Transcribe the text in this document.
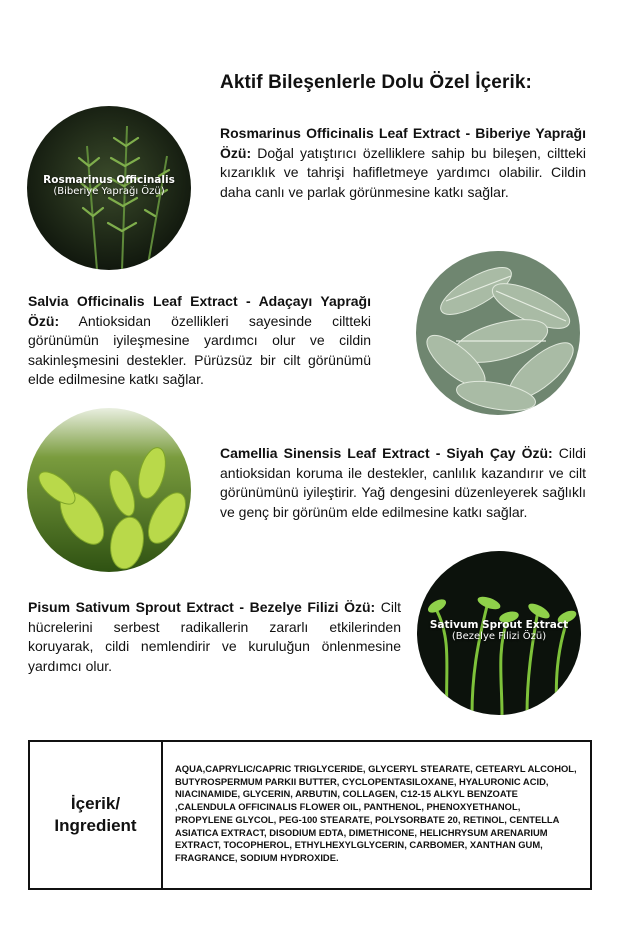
Aktif Bileşenlerle Dolu Özel İçerik:
Rosmarinus Officinalis
(Biberiye Yaprağı Özü)
Rosmarinus Officinalis Leaf Extract - Biberiye Yaprağı Özü: Doğal yatıştırıcı özelliklere sahip bu bileşen, ciltteki kızarıklık ve tahrişi hafifletmeye yardımcı olabilir. Cildin daha canlı ve parlak görünmesine katkı sağlar.
Salvia Officinalis Leaf Extract - Adaçayı Yaprağı Özü: Antioksidan özellikleri sayesinde ciltteki görünümün iyileşmesine yardımcı olur ve cildin sakinleşmesini destekler. Pürüzsüz bir cilt görünümü elde edilmesine katkı sağlar.
Camellia Sinensis Leaf Extract - Siyah Çay Özü: Cildi antioksidan koruma ile destekler, canlılık kazandırır ve cilt görünümünü iyileştirir. Yağ dengesini düzenleyerek sağlıklı ve genç bir görünüm elde edilmesine katkı sağlar.
Pisum Sativum Sprout Extract - Bezelye Filizi Özü: Cilt hücrelerini serbest radikallerin zararlı etkilerinden koruyarak, cildi nemlendirir ve kuruluğun önlenmesine yardımcı olur.
Sativum Sprout Extract
(Bezelye Filizi Özü)
İçerik/
Ingredient
AQUA,CAPRYLIC/CAPRIC TRIGLYCERIDE, GLYCERYL STEARATE, CETEARYL ALCOHOL, BUTYROSPERMUM PARKII BUTTER, CYCLOPENTASILOXANE, HYALURONIC ACID, NIACINAMIDE, GLYCERIN, ARBUTIN, COLLAGEN, C12-15 ALKYL BENZOATE ,CALENDULA OFFICINALIS FLOWER OIL, PANTHENOL, PHENOXYETHANOL, PROPYLENE GLYCOL, PEG-100 STEARATE, POLYSORBATE 20, RETINOL, CENTELLA ASIATICA EXTRACT, DISODIUM EDTA, DIMETHICONE, HELICHRYSUM ARENARIUM EXTRACT, TOCOPHEROL, ETHYLHEXYLGLYCERIN, CARBOMER, XANTHAN GUM, FRAGRANCE, SODIUM HYDROXIDE.
